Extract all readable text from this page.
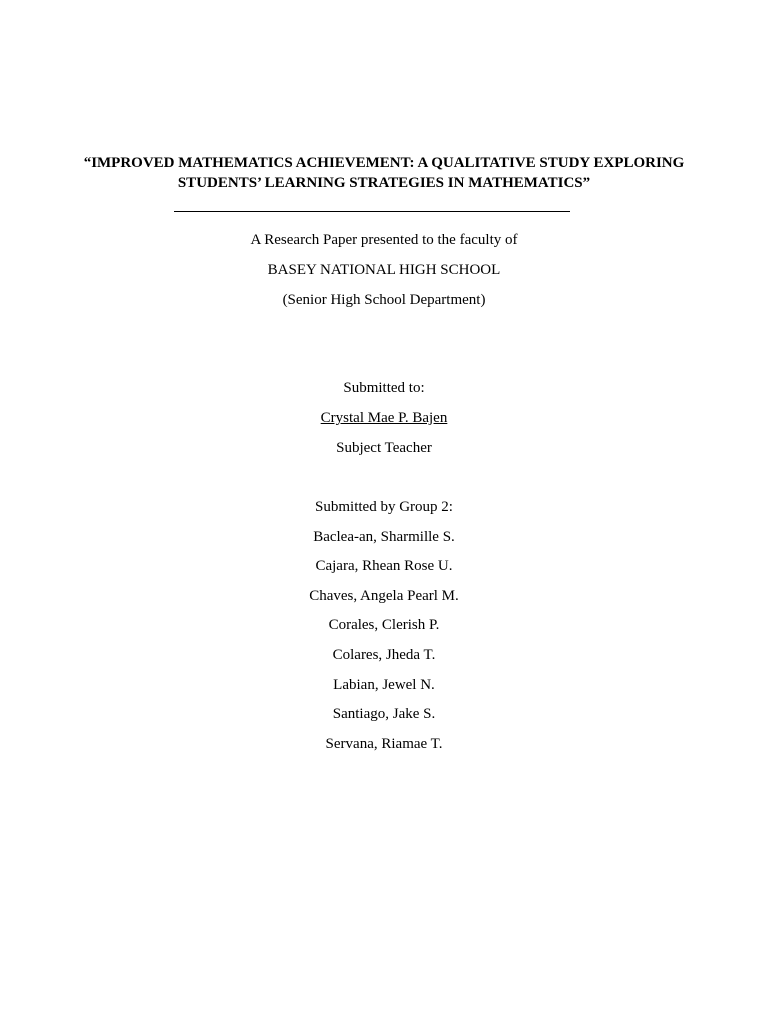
“IMPROVED MATHEMATICS ACHIEVEMENT: A QUALITATIVE STUDY EXPLORING
STUDENTS’ LEARNING STRATEGIES IN MATHEMATICS”
A Research Paper presented to the faculty of
BASEY NATIONAL HIGH SCHOOL
(Senior High School Department)
Submitted to:
Crystal Mae P. Bajen
Subject Teacher
Submitted by Group 2:
Baclea-an, Sharmille S.
Cajara, Rhean Rose U.
Chaves, Angela Pearl M.
Corales, Clerish P.
Colares, Jheda T.
Labian, Jewel N.
Santiago, Jake S.
Servana, Riamae T.
